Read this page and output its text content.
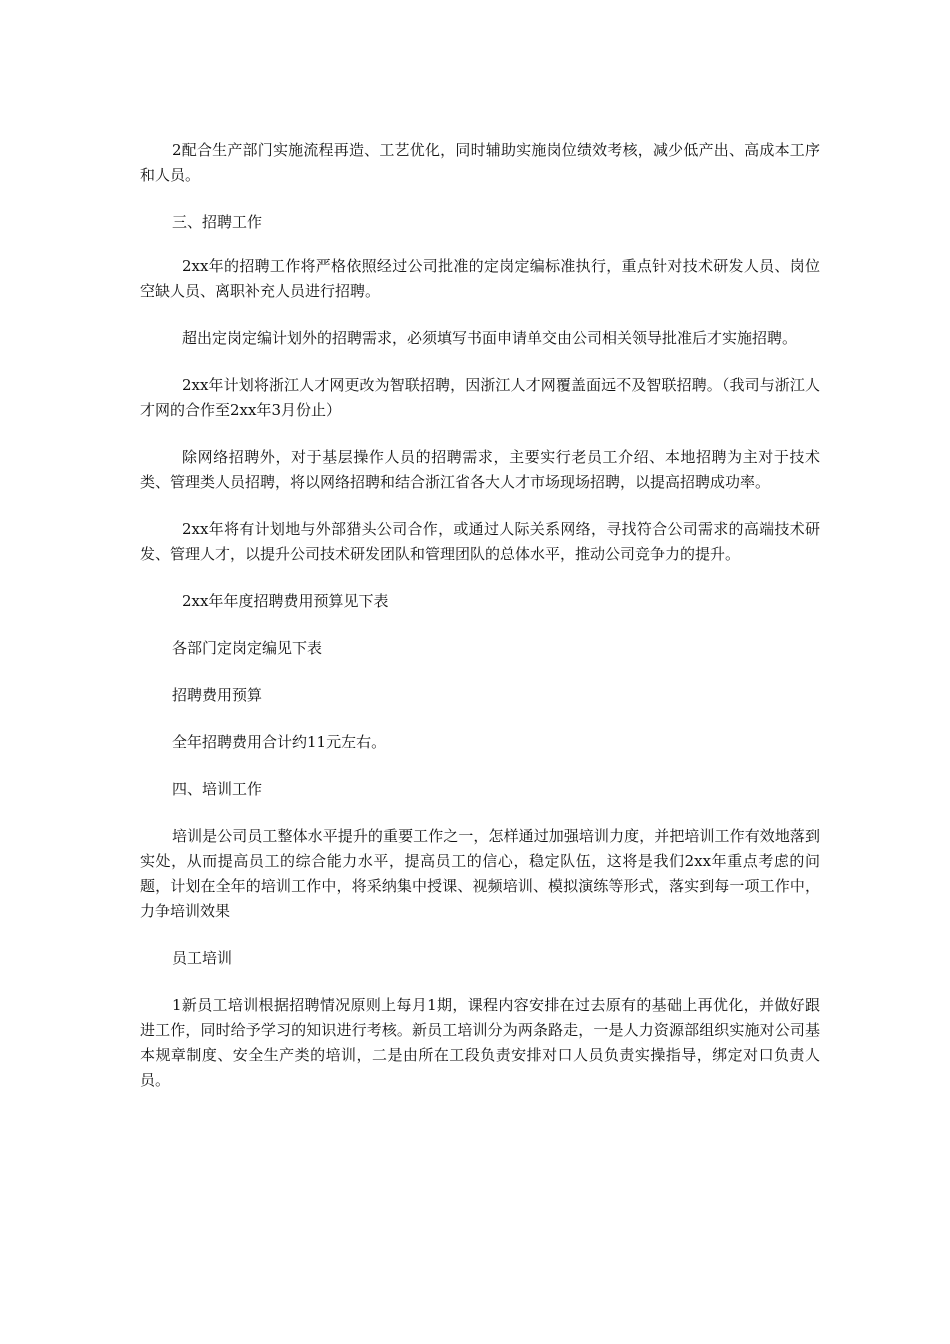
2配合生产部门实施流程再造、工艺优化，同时辅助实施岗位绩效考核，减少低产出、高成本工序和人员。

三、招聘工作

2xx年的招聘工作将严格依照经过公司批准的定岗定编标准执行，重点针对技术研发人员、岗位空缺人员、离职补充人员进行招聘。

超出定岗定编计划外的招聘需求，必须填写书面申请单交由公司相关领导批准后才实施招聘。

2xx年计划将浙江人才网更改为智联招聘，因浙江人才网覆盖面远不及智联招聘。（我司与浙江人才网的合作至2xx年3月份止）

除网络招聘外，对于基层操作人员的招聘需求，主要实行老员工介绍、本地招聘为主对于技术类、管理类人员招聘，将以网络招聘和结合浙江省各大人才市场现场招聘，以提高招聘成功率。

2xx年将有计划地与外部猎头公司合作，或通过人际关系网络，寻找符合公司需求的高端技术研发、管理人才，以提升公司技术研发团队和管理团队的总体水平，推动公司竞争力的提升。

2xx年年度招聘费用预算见下表

各部门定岗定编见下表

招聘费用预算

全年招聘费用合计约11元左右。

四、培训工作

培训是公司员工整体水平提升的重要工作之一，怎样通过加强培训力度，并把培训工作有效地落到实处，从而提高员工的综合能力水平，提高员工的信心，稳定队伍，这将是我们2xx年重点考虑的问题，计划在全年的培训工作中，将采纳集中授课、视频培训、模拟演练等形式，落实到每一项工作中，力争培训效果

员工培训

1新员工培训根据招聘情况原则上每月1期，课程内容安排在过去原有的基础上再优化，并做好跟进工作，同时给予学习的知识进行考核。新员工培训分为两条路走，一是人力资源部组织实施对公司基本规章制度、安全生产类的培训，二是由所在工段负责安排对口人员负责实操指导，绑定对口负责人员。
